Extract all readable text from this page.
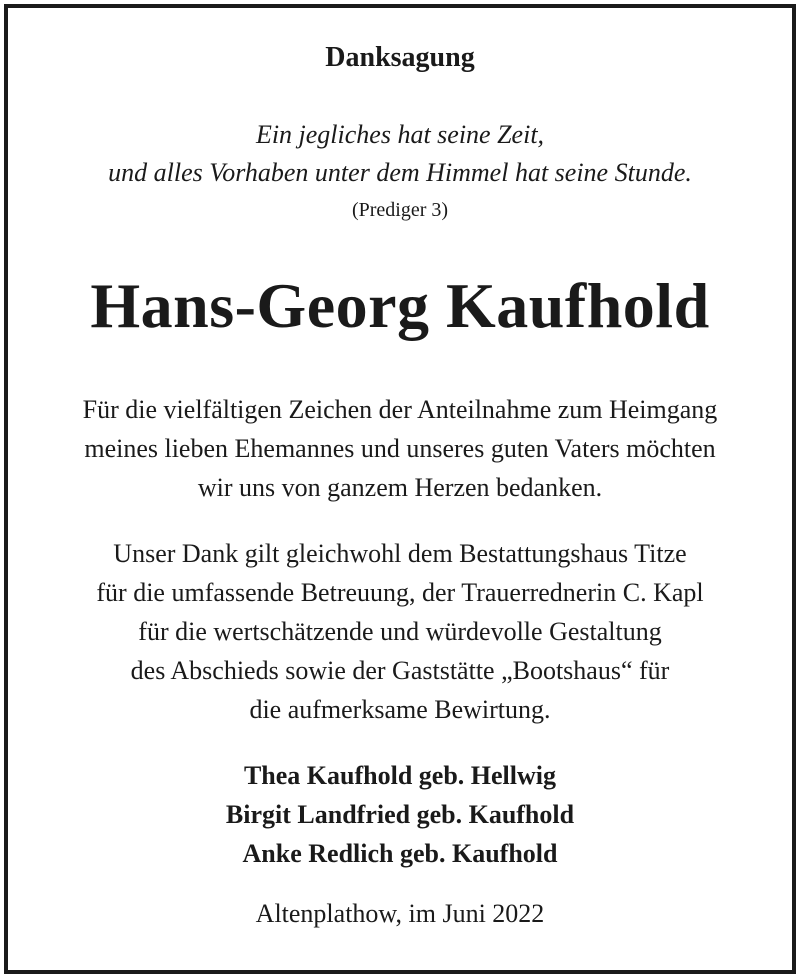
Danksagung

Ein jegliches hat seine Zeit,
und alles Vorhaben unter dem Himmel hat seine Stunde.

(Prediger 3)

Hans-Georg Kaufhold

Für die vielfältigen Zeichen der Anteilnahme zum Heimgang
meines lieben Ehemannes und unseres guten Vaters möchten
wir uns von ganzem Herzen bedanken.

Unser Dank gilt gleichwohl dem Bestattungshaus Titze
für die umfassende Betreuung, der Trauerrednerin C. Kapl
für die wertschätzende und würdevolle Gestaltung
des Abschieds sowie der Gaststätte „Bootshaus“ für
die aufmerksame Bewirtung.

Thea Kaufhold geb. Hellwig
Birgit Landfried geb. Kaufhold
Anke Redlich geb. Kaufhold

Altenplathow, im Juni 2022
